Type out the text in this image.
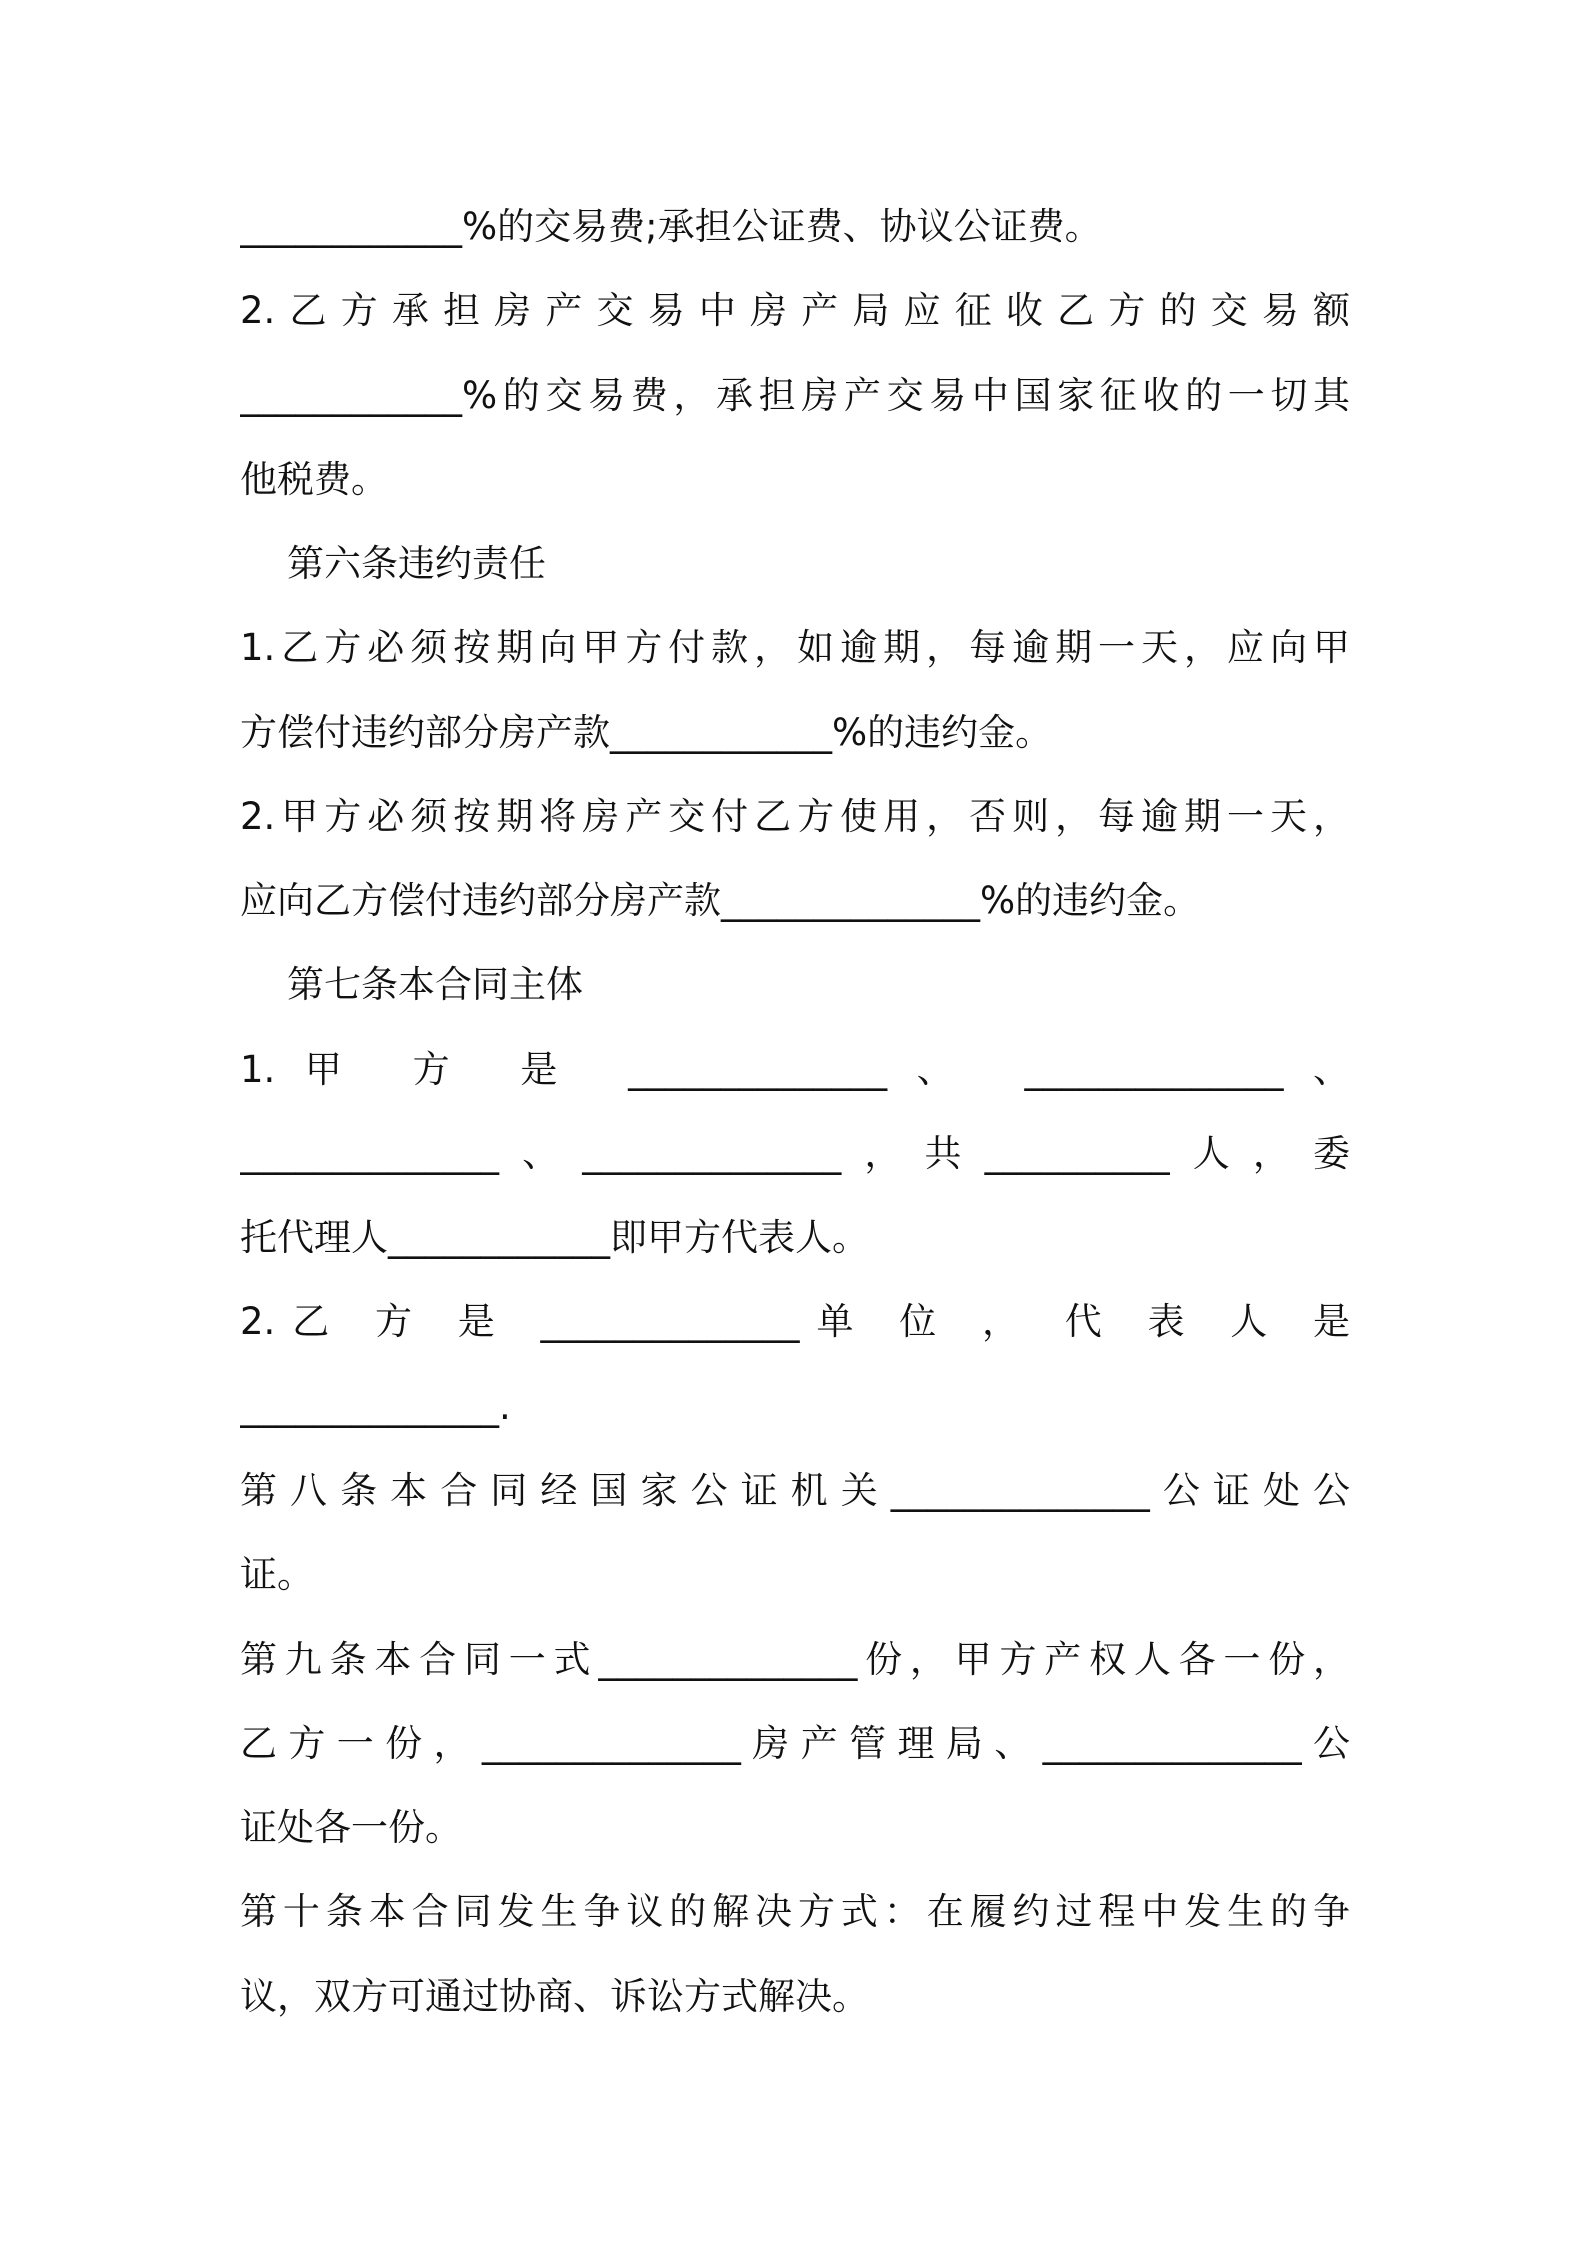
____________%的交易费;承担公证费、协议公证费。
2.乙方承担房产交易中房产局应征收乙方的交易额
____________%的交易费，承担房产交易中国家征收的一切其
他税费。
第六条违约责任
1.乙方必须按期向甲方付款，如逾期，每逾期一天，应向甲
方偿付违约部分房产款____________%的违约金。
2.甲方必须按期将房产交付乙方使用，否则，每逾期一天，
应向乙方偿付违约部分房产款______________%的违约金。
第七条本合同主体
1.甲 方 是 ______________、 ______________、
______________、______________，共__________人，委
托代理人____________即甲方代表人。
2.乙 方 是 ______________单 位 ， 代 表 人 是
______________.
第八条本合同经国家公证机关______________公证处公
证。
第九条本合同一式______________份，甲方产权人各一份，
乙方一份，______________房产管理局、______________公
证处各一份。
第十条本合同发生争议的解决方式：在履约过程中发生的争
议，双方可通过协商、诉讼方式解决。
